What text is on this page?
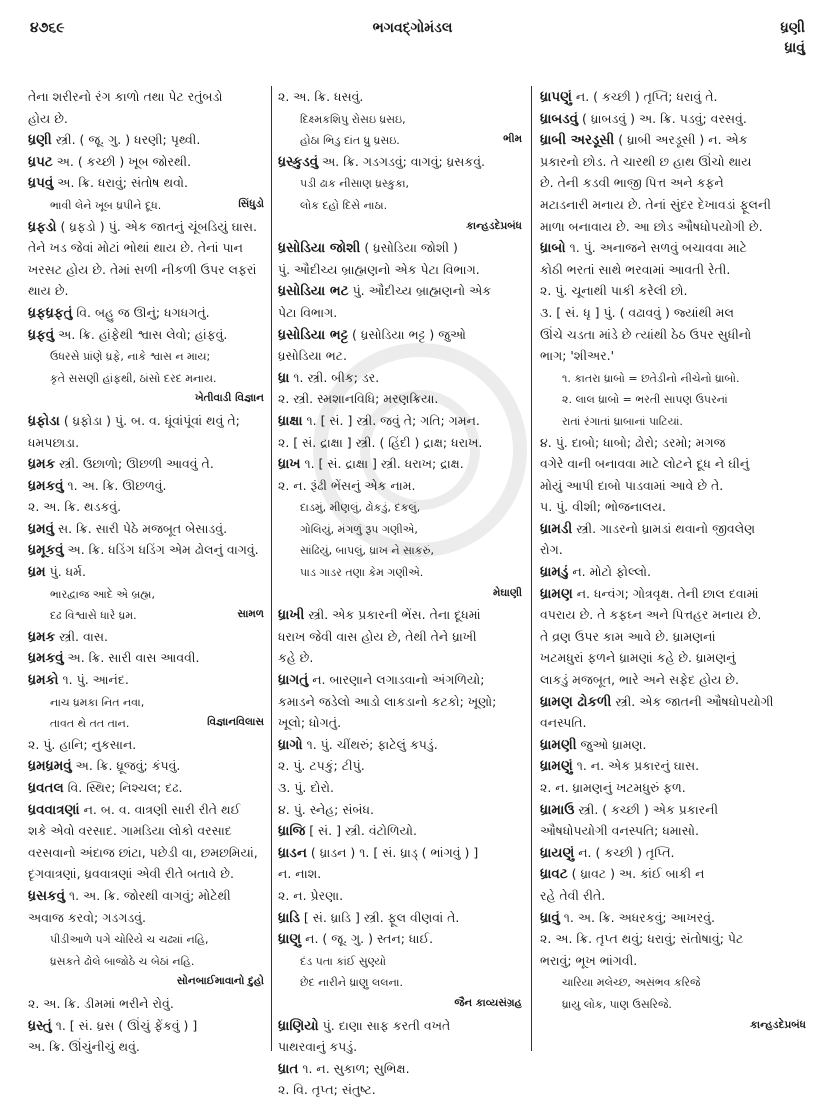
૪૭૬૯	ભગવદ્ગોમંડલ	ધ્રણી
ધ્રાવું
તેના શરીરનો રંગ કાળો તથા પેટ રતુંબડો
હોય છે.
ધ્રણી સ્ત્રી. ( જૂ. ગુ. ) ધરણી; પૃથ્વી.
ધ્રપટ અ. ( કચ્છી ) ખૂબ જોરથી.
ધ્રપવું અ. ક્રિ. ધરાવું; સંતોષ થવો.
ભાવી લેને ખૂબ ધ્રપીને દૂધ.	સિંધુડો
ધ્રફડો ( ધ્રફડો ) પું. એક જાતનું ચૂંબડિયું ઘાસ.
તેને ખડ જેવાં મોટાં ભોથાં થાય છે. તેનાં પાન
ખરસટ હોય છે. તેમાં સળી નીકળી ઉપર લફરાં
થાય છે.
ધ્રફધ્રફતું વિ. બહુ જ ઊનું; ધગધગતું.
ધ્રફવું અ. ક્રિ. હાંફેથી શ્વાસ લેવો; હાંફવું.
ઉધરસે પ્રાંણે ધ્રફે, નાકે શ્વાસ ન માય;
કૃતે સસણી હાંફથી, ઠાંસો દરદ મનાય.
ખેતીવાડી વિજ્ઞાન
ધ્રફોડા ( ધ્રફોડા ) પું. બ. વ. ધૂંવાંપૂંવાં થવું તે;
ધમપછાડા.
ધ્રમક સ્ત્રી. ઉછાળો; ઊછળી આવવું તે.
ધ્રમકવું ૧. અ. ક્રિ. ઊછળવું.
૨. અ. ક્રિ. થડકવું.
ધ્રમવું સ. ક્રિ. સારી પેઠે મજબૂત બેસાડવું.
ધ્રમૂકવું અ. ક્રિ. ધડિંગ ધડિંગ એમ ઢોલનું વાગવું.
ધ્રમ પું. ધર્મ.
ભારદ્વાજ આદે એ બ્રહ્મ,
દઢ વિશ્વાસે ધારે ધ્રમ.	સામળ
ધ્રમક સ્ત્રી. વાસ.
ધ્રમકવું અ. ક્રિ. સારી વાસ આવવી.
ધ્રમકો ૧. પું. આનંદ.
નાચ ધ્રમકા નિત નવા,
તાવત થે તત તાન.	વિજ્ઞાનવિલાસ
૨. પું. હાનિ; નુકસાન.
ધ્રમધ્રમવું અ. ક્રિ. ધ્રૂજવું; કંપવું.
ધ્રવતલ વિ. સ્થિર; નિશ્ચલ; દઢ.
ધ્રવવાત્રણાં ન. બ. વ. વાત્રણી સારી રીતે થઈ
શકે એવો વરસાદ. ગામડિયા લોકો વરસાદ
વરસવાનો અંદાજ છાંટા, પછેડી વા, છમછમિયાં,
દૃગવાત્રણાં, ધ્રવવાત્રણાં એવી રીતે બતાવે છે.
ધ્રસકવું ૧. અ. ક્રિ. જોરથી વાગવું; મોટેથી
અવાજ કરવો; ગડગડવું.
પીડીઆળે પગે ચોરિયે ચ ચઢ્યાં નહિ,
ધ્રસકતે ઢોલે બાજોઠે ચ બેઠાં નહિ.
સોનબાઈમાવાનો દુહો
૨. અ. ક્રિ. ડીમમાં ભરીને રોવું.
ધ્રસ્તું ૧. [ સં. ધ્રસ ( ઊંચું ફેંકવું ) ]
અ. ક્રિ. ઊંચુંનીચું થવું.
૨. અ. ક્રિ. ધસવું.
દિક્ષ્મકશિપુ રોસઇ ધ્રસઇ,
હોઠા ભિડુ દાંત ધ્રુ ધ્રસઇ.	ભીમ
ધ્રસ્કુડવું અ. ક્રિ. ગડગડવું; વાગવું; ધ્રસકવું.
પડી ઢાક નીસાણ ધ્રસ્કુકા,
લોક દહો દિસે નાઠા.
કાન્હડદેપ્રબંધ
ધ્રસોડિયા જોશી ( ધ્રસોડિયા જોશી )
પું. ઔદીચ્ય બ્રાહ્મણનો એક પેટા વિભાગ.
ધ્રસોડિયા ભટ પું. ઔદીચ્ય બ્રાહ્મણનો એક
પેટા વિભાગ.
ધ્રસોડિયા ભટ્ટ ( ધ્રસોડિયા ભટ્ટ ) જુઓ
ધ્રસોડિયા ભટ.
ધ્રા ૧. સ્ત્રી. બીક; ડર.
૨. સ્ત્રી. સ્મશાનવિધિ; મરણક્રિયા.
ધ્રાક્ષા ૧. [ સં. ] સ્ત્રી. જવું તે; ગતિ; ગમન.
૨. [ સં. દ્રાક્ષા ] સ્ત્રી. ( હિંદી ) દ્રાક્ષ; ધરાખ.
ધ્રાખ ૧. [ સં. દ્રાક્ષા ] સ્ત્રી. ધરાખ; દ્રાક્ષ.
૨. ન. રૂંઢી ભેંસનું એક નામ.
દાડમું, મીણલું, ઢોકડું, દકલું,
ગોલિયું, મંગળું રૂપ ગણીએ,
સાંઢિયું, બાપલું, ધ્રાખ ને સાકરું,
પાડ ગાડર તણા કેમ ગણીએ.
મેઘાણી
ધ્રાખી સ્ત્રી. એક પ્રકારની ભેંસ. તેના દૂધમાં
ધરાખ જેવી વાસ હોય છે, તેથી તેને ધ્રાખી
કહે છે.
ધ્રાગતું ન. બારણાને લગાડવાનો અંગળિયો;
કમાડને જડેલો આડો લાકડાનો કટકો; ખૂણો;
ખૂલો; ધોગતું.
ધ્રાગો ૧. પું. ચીંથરું; ફાટેલું કપડું.
૨. પું. ટપકું; ટીપું.
૩. પું. દોરો.
૪. પું. સ્નેહ; સંબંધ.
ધ્રાજિ [ સં. ] સ્ત્રી. વંટોળિયો.
ધ્રાડન ( ધ્રાડન ) ૧. [ સં. ધ્રાડ્ ( ભાંગવું ) ]
ન. નાશ.
૨. ન. પ્રેરણા.
ધ્રાડિ [ સં. ધ્રાડિ ] સ્ત્રી. ફૂલ વીણવાં તે.
ધ્રાણુ ન. ( જૂ. ગુ. ) સ્તન; ધાઈ.
દંડ પતા કાંઈ સુણ્યો
છેદ નારીને ધ્રાણુ લલના.
જૈન કાવ્યસંગ્રહ
ધ્રાણિયો પું. દાણા સાફ કરતી વખતે
પાથરવાનું કપડું.
ધ્રાત ૧. ન. સુકાળ; સુભિક્ષ.
૨. વિ. તૃપ્ત; સંતુષ્ટ.
ધ્રાપણું ન. ( કચ્છી ) તૃપ્તિ; ધરાવું તે.
ધ્રાબડવું ( ધ્રાબડવું ) અ. ક્રિ. પડવું; વરસવું.
ધ્રાબી અરડૂસી ( ધ્રાબી અરડૂસી ) ન. એક
પ્રકારનો છોડ. તે ચારથી છ હાથ ઊંચો થાય
છે. તેની કડવી ભાજી પિત્ત અને કફને
મટાડનારી મનાય છે. તેનાં સુંદર દેખાવડાં ફૂલની
માળા બનાવાય છે. આ છોડ ઔષધોપયોગી છે.
ધ્રાબો ૧. પું. અનાજને સળવું બચાવવા માટે
કોઠી ભરતાં સાથે ભરવામાં આવતી રેતી.
૨. પું. ચૂનાથી પાકી કરેલી છો.
૩. [ સં. ધૃ ] પું. ( વઢાવવું ) જ્યાંથી મલ
ઊંચે ચડતા માંડે છે ત્યાંથી ઠેઠ ઉપર સુધીનો
ભાગ; 'શીઅર.'
૧. કાતરા ધ્રાબો = છતેડીનો નીચેનો ધ્રાબો.
૨. લાલ ધ્રાબો = ભરતી સાપણ ઉપરનાં
રાતાં રંગાતાં ધ્રાબાનાં પાટિયાં.
૪. પું. દાબો; ધાબો; ઢોરો; ડરમો; મગજ
વગેરે વાની બનાવવા માટે લોટને દૂધ ને ઘીનું
મોયું આપી દાબો પાડવામાં આવે છે તે.
૫. પું. વીશી; ભોજનાલય.
ધ્રામડી સ્ત્રી. ગાડરનો ધ્રામડાં થવાનો જીવલેણ
રોગ.
ધ્રામડું ન. મોટો ફોલ્લો.
ધ્રામણ ન. ધન્વંગ; ગોત્રવૃક્ષ. તેની છાલ દવામાં
વપરાય છે. તે કફઘ્ન અને પિત્તહર મનાય છે.
તે વ્રણ ઉપર કામ આવે છે. ધ્રામણનાં
ખટમધુરાં ફળને ધ્રામણાં કહે છે. ધ્રામણનું
લાકડું મજબૂત, ભારે અને સફેદ હોય છે.
ધ્રામણ ઢોકળી સ્ત્રી. એક જાતની ઔષધોપયોગી
વનસ્પતિ.
ધ્રામણી જુઓ ધ્રામણ.
ધ્રામણું ૧. ન. એક પ્રકારનું ઘાસ.
૨. ન. ધ્રામણનું ખટમધુરું ફળ.
ધ્રામાઉ સ્ત્રી. ( કચ્છી ) એક પ્રકારની
ઔષધોપયોગી વનસ્પતિ; ધમાસો.
ધ્રાયણું ન. ( કચ્છી ) તૃપ્તિ.
ધ્રાવટ ( ધ્રાવટ ) અ. કાંઈ બાકી ન
રહે તેવી રીતે.
ધ્રાવું ૧. અ. ક્રિ. અધરકવું; આખરવું.
૨. અ. ક્રિ. તૃપ્ત થવું; ધરાવું; સંતોષાવું; પેટ
ભરાવું; ભૂખ ભાંગવી.
ચારિયા મલેચ્છ, અસંભવ કરિજે
ધ્રાયુ લોક, પાણ ઉસરિજે.
કાન્હડદેપ્રબંધ
